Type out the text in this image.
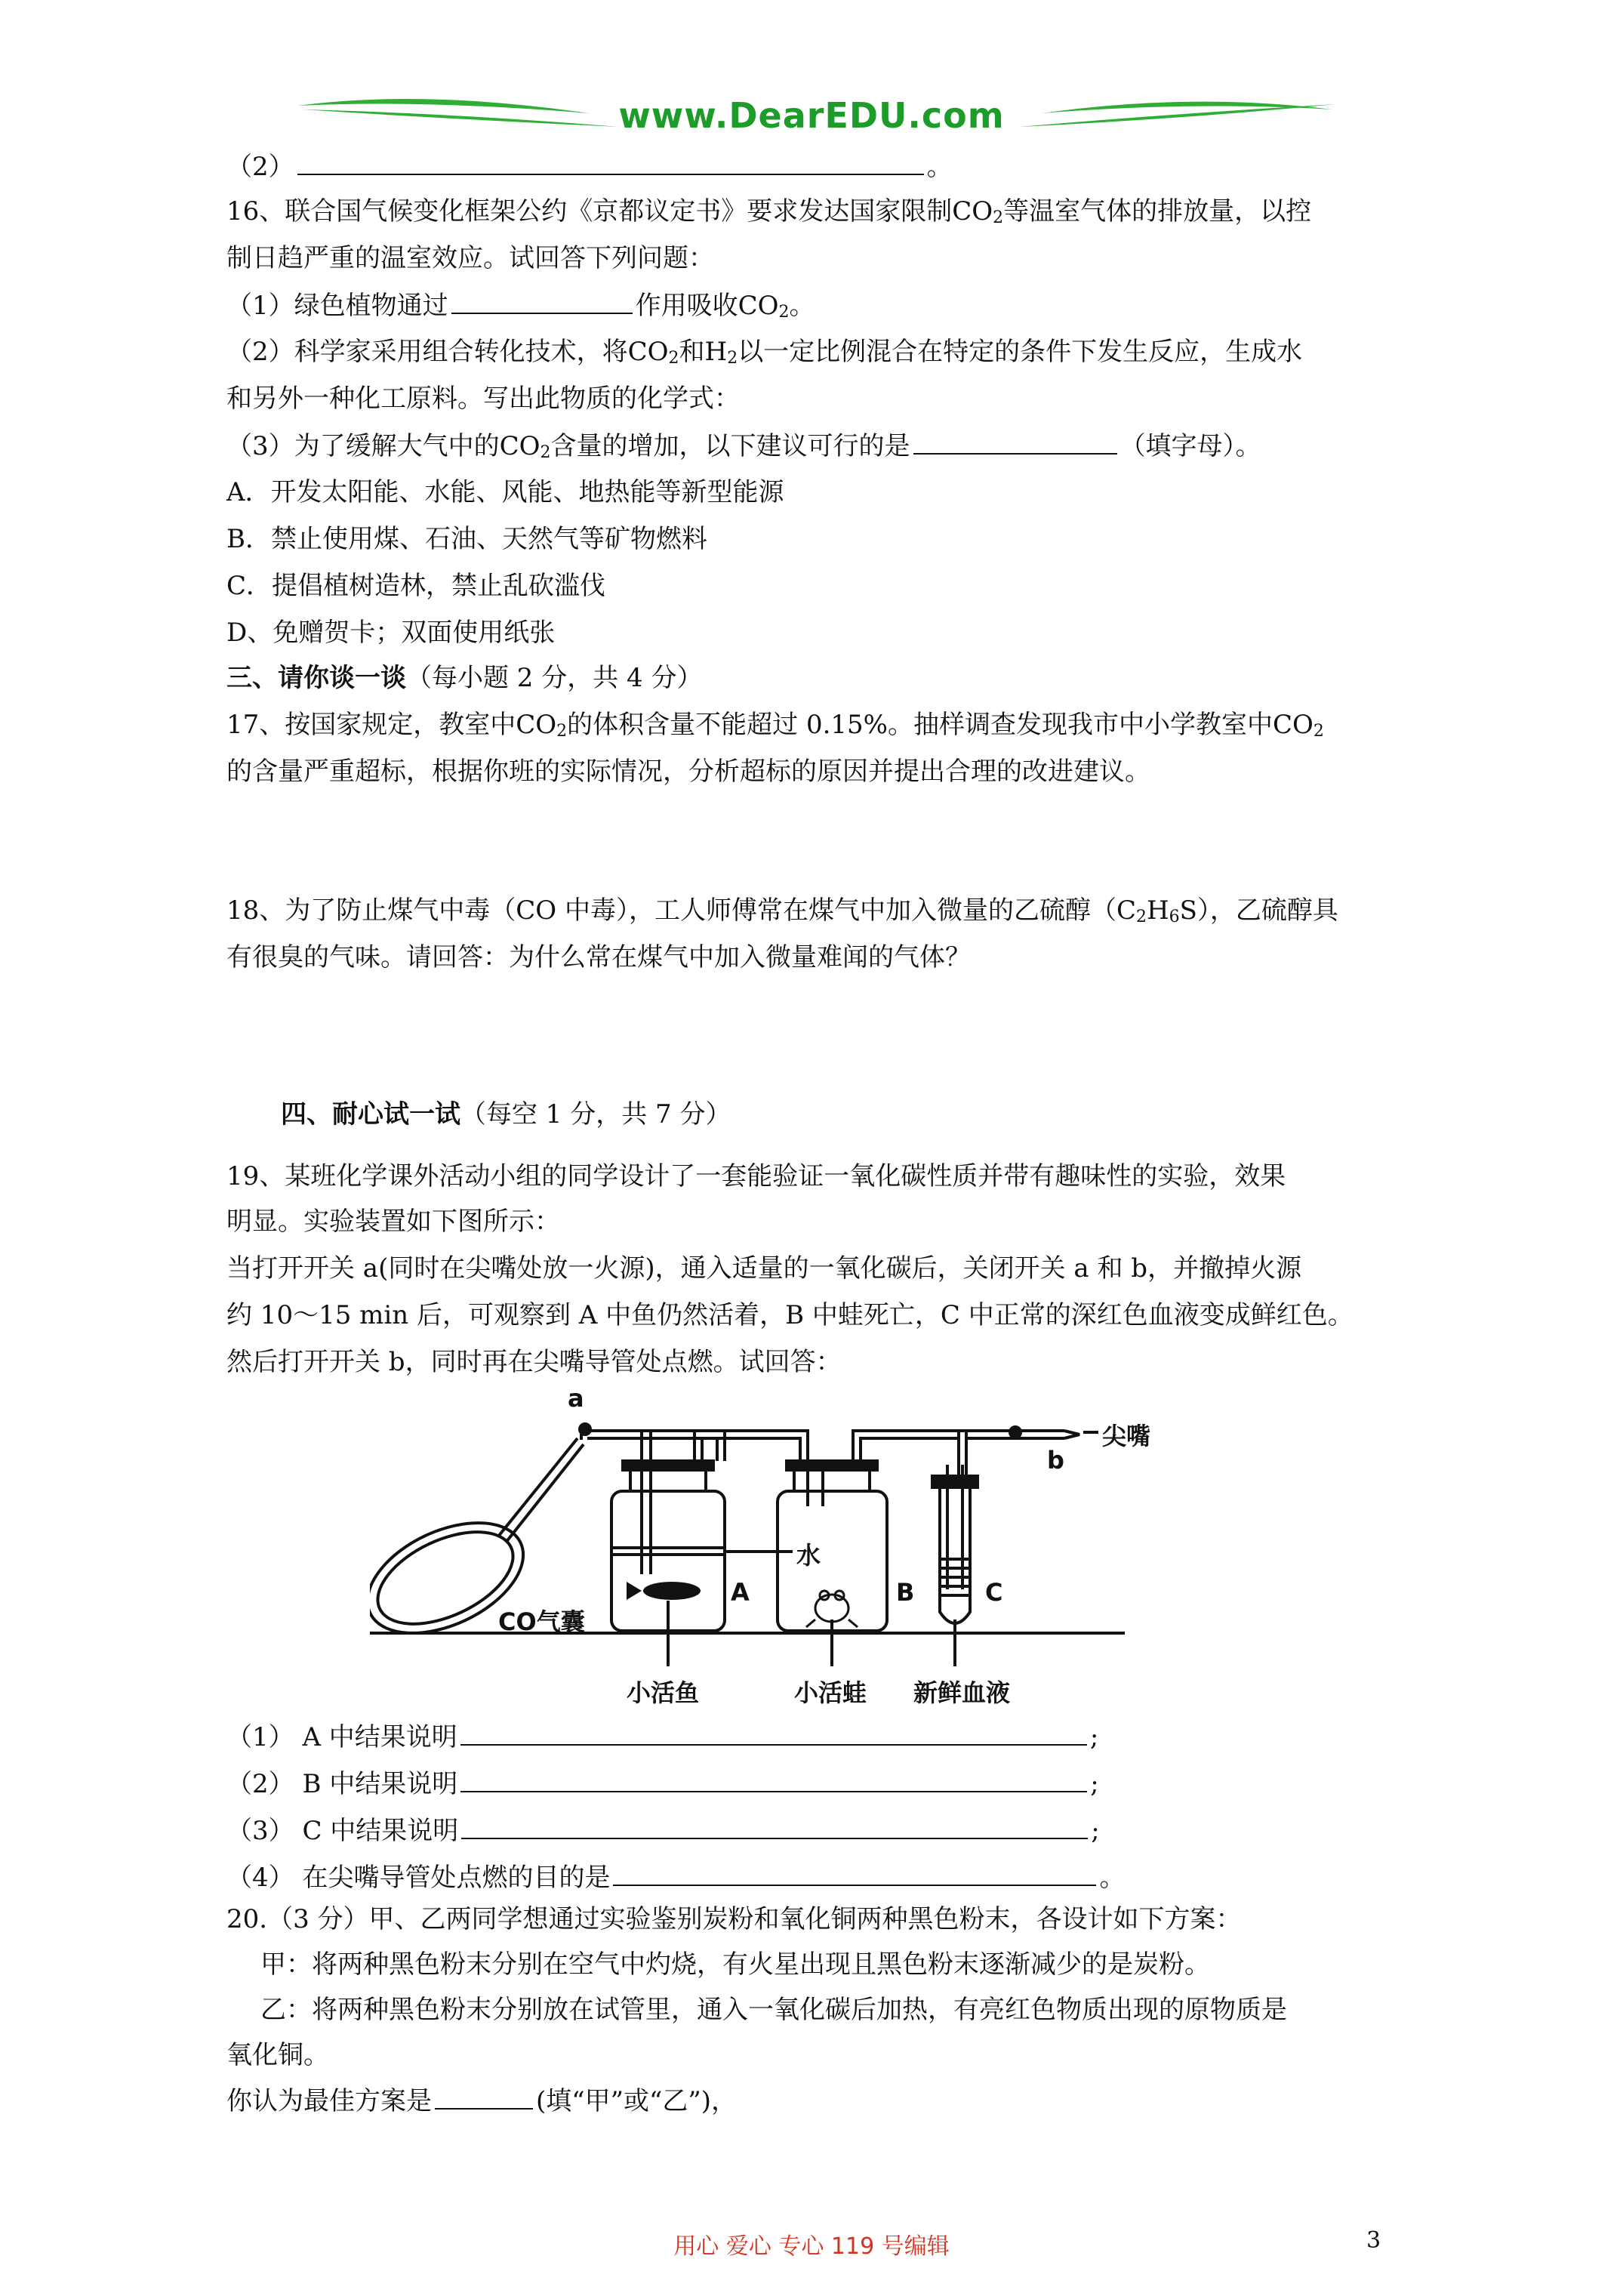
www.DearEDU.com
（2）	。
16、联合国气候变化框架公约《京都议定书》要求发达国家限制$CO_2$等温室气体的排放量，以控
制日趋严重的温室效应。试回答下列问题：
（1）绿色植物通过	作用吸收$CO_2$。
（2）科学家采用组合转化技术，将$CO_2$和$H_2$以一定比例混合在特定的条件下发生反应，生成水
和另外一种化工原料。写出此物质的化学式：
（3）为了缓解大气中的$CO_2$含量的增加，以下建议可行的是	（填字母）。
A．开发太阳能、水能、风能、地热能等新型能源
B．禁止使用煤、石油、天然气等矿物燃料
C．提倡植树造林，禁止乱砍滥伐
D、免赠贺卡；双面使用纸张
三、请你谈一谈（每小题 2 分，共 4 分）
17、按国家规定，教室中$CO_2$的体积含量不能超过 0.15%。抽样调查发现我市中小学教室中$CO_2$
的含量严重超标，根据你班的实际情况，分析超标的原因并提出合理的改进建议。
18、为了防止煤气中毒（CO 中毒），工人师傅常在煤气中加入微量的乙硫醇$(C_2H_6S)$，乙硫醇具
有很臭的气味。请回答：为什么常在煤气中加入微量难闻的气体？
四、耐心试一试（每空 1 分，共 7 分）
19、某班化学课外活动小组的同学设计了一套能验证一氧化碳性质并带有趣味性的实验，效果
明显。实验装置如下图所示：
当打开开关 a(同时在尖嘴处放一火源)，通入适量的一氧化碳后，关闭开关 a 和 b，并撤掉火源
约 10～15 min 后，可观察到 A 中鱼仍然活着，B 中蛙死亡，C 中正常的深红色血液变成鲜红色。
然后打开开关 b，同时再在尖嘴导管处点燃。试回答：
a
b
尖嘴
水
CO气囊
A	B	C
小活鱼	小活蛙 新鲜血液
（1） A 中结果说明	;
（2） B 中结果说明	;
（3） C 中结果说明	;
（4） 在尖嘴导管处点燃的目的是	。
20.（3 分）甲、乙两同学想通过实验鉴别炭粉和氧化铜两种黑色粉末，各设计如下方案：
甲：将两种黑色粉末分别在空气中灼烧，有火星出现且黑色粉末逐渐减少的是炭粉。
乙：将两种黑色粉末分别放在试管里，通入一氧化碳后加热，有亮红色物质出现的原物质是
氧化铜。
你认为最佳方案是	(填“甲”或“乙”)，
用心 爱心 专心 119 号编辑	3
